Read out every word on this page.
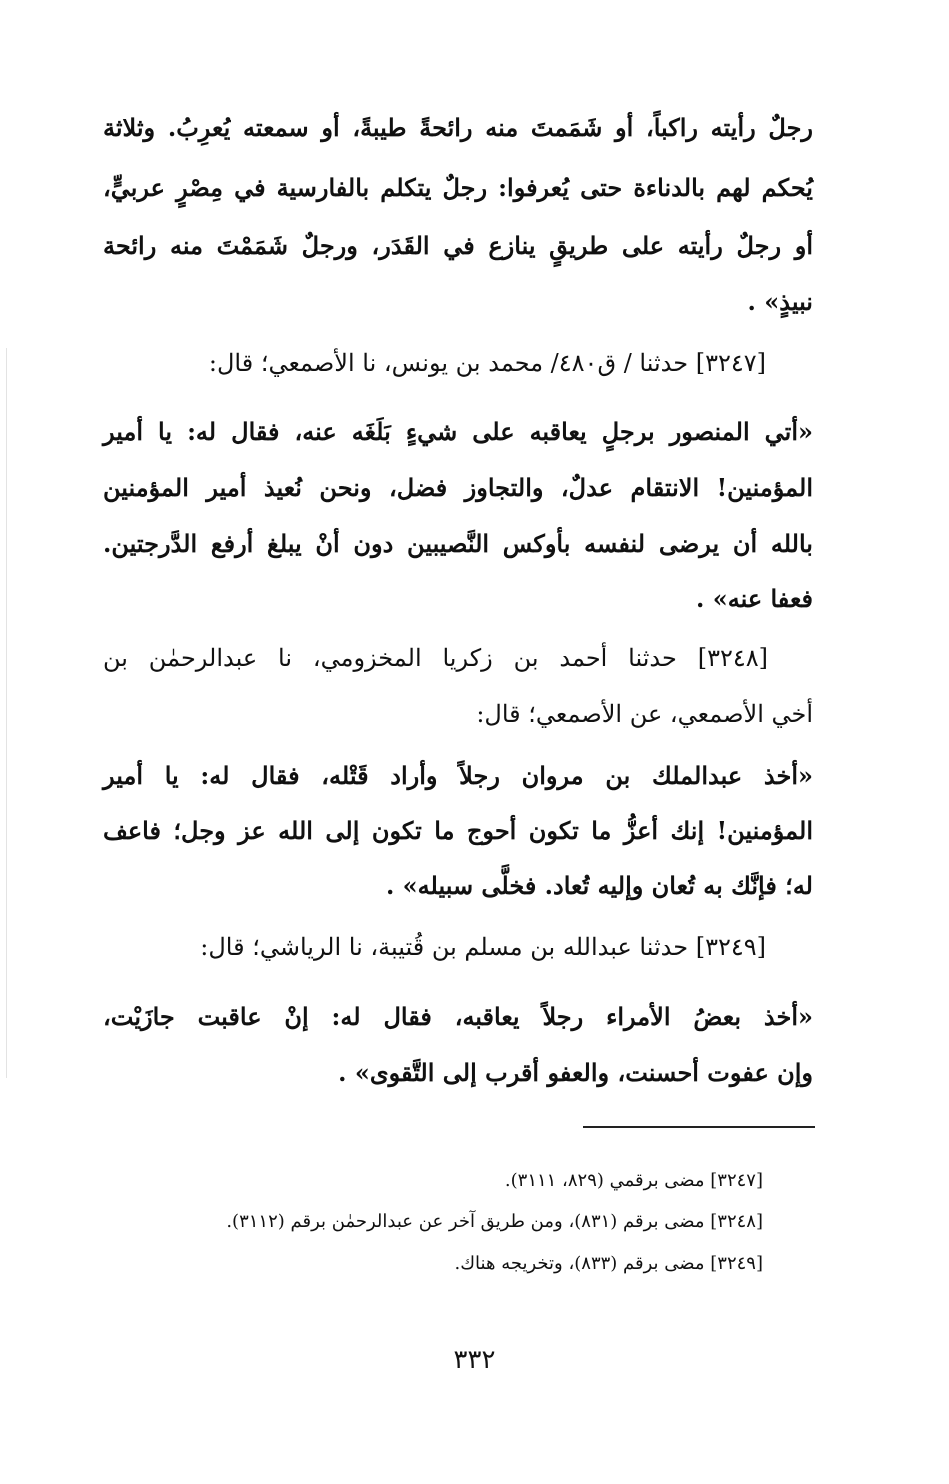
رجلٌ رأيته راكباً، أو شَمَمتَ منه رائحةً طيبةً، أو سمعته يُعرِبُ. وثلاثة
يُحكم لهم بالدناءة حتى يُعرفوا: رجلٌ يتكلم بالفارسية في مِصْرٍ عربيٍّ،
أو رجلٌ رأيته على طريقٍ ينازع في القَدَر، ورجلٌ شَمَمْتَ منه رائحة
نبيذٍ» .
[٣٢٤٧] حدثنا / ق٤٨٠/ محمد بن يونس، نا الأصمعي؛ قال:
«أتي المنصور برجلٍ يعاقبه على شيءٍ بَلَغَه عنه، فقال له: يا أمير
المؤمنين! الانتقام عدلٌ، والتجاوز فضل، ونحن نُعيذ أمير المؤمنين
بالله أن يرضى لنفسه بأوكس النَّصيبين دون أنْ يبلغ أرفع الدَّرجتين.
فعفا عنه» .
[٣٢٤٨] حدثنا أحمد بن زكريا المخزومي، نا عبدالرحمٰن بن
أخي الأصمعي، عن الأصمعي؛ قال:
«أخذ عبدالملك بن مروان رجلاً وأراد قَتْله، فقال له: يا أمير
المؤمنين! إنك أعزُّ ما تكون أحوج ما تكون إلى الله عز وجل؛ فاعف
له؛ فإنَّك به تُعان وإليه تُعاد. فخلَّى سبيله» .
[٣٢٤٩] حدثنا عبدالله بن مسلم بن قُتيبة، نا الرياشي؛ قال:
«أخذ بعضُ الأمراء رجلاً يعاقبه، فقال له: إنْ عاقبت جازَيْت،
وإن عفوت أحسنت، والعفو أقرب إلى التَّقوى» .
[٣٢٤٧] مضى برقمي (٨٢٩، ٣١١١).
[٣٢٤٨] مضى برقم (٨٣١)، ومن طريق آخر عن عبدالرحمٰن برقم (٣١١٢).
[٣٢٤٩] مضى برقم (٨٣٣)، وتخريجه هناك.
٣٣٢
